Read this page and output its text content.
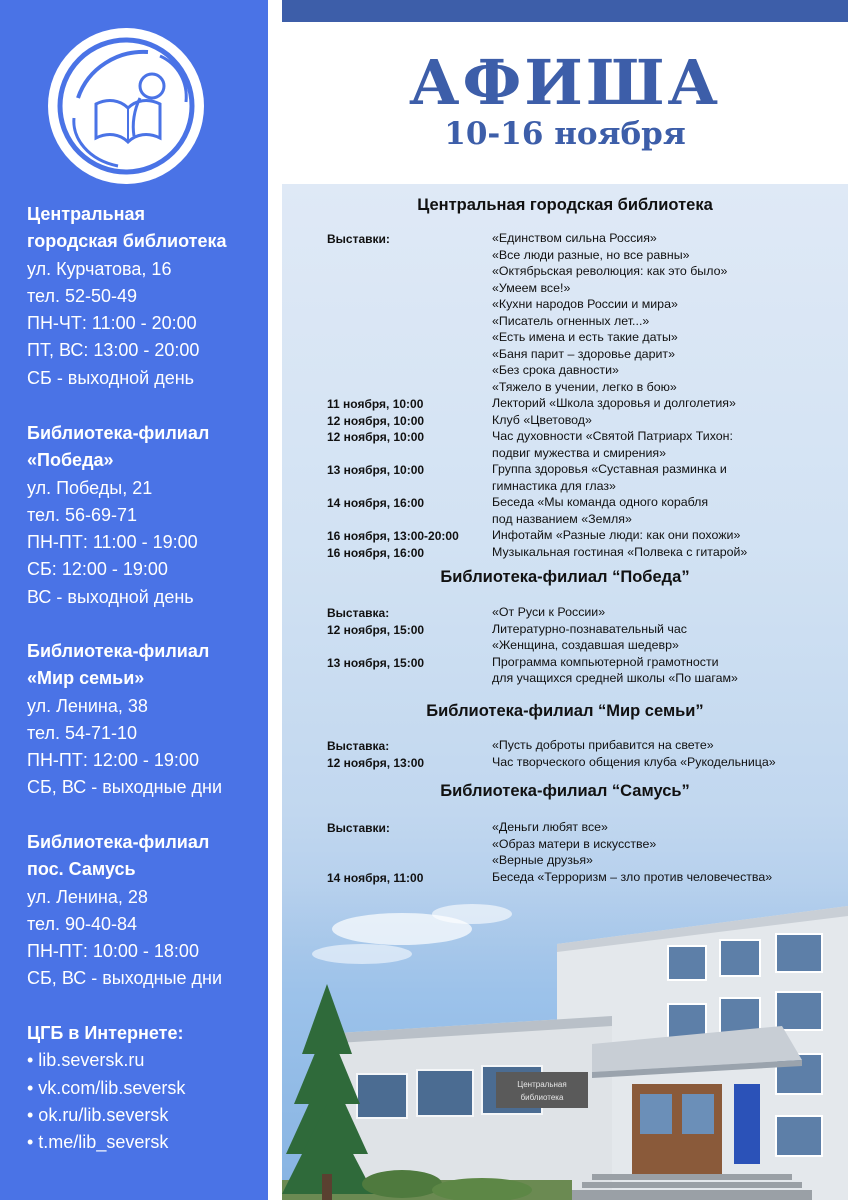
Центральная
городская библиотека
ул. Курчатова, 16
тел. 52-50-49
ПН-ЧТ: 11:00 - 20:00
ПТ, ВС: 13:00 - 20:00
СБ - выходной день
Библиотека-филиал
«Победа»
ул. Победы, 21
тел. 56-69-71
ПН-ПТ: 11:00 - 19:00
СБ: 12:00 - 19:00
ВС - выходной день
Библиотека-филиал
«Мир семьи»
ул. Ленина, 38
тел. 54-71-10
ПН-ПТ: 12:00 - 19:00
СБ, ВС - выходные дни
Библиотека-филиал
пос. Самусь
ул. Ленина, 28
тел. 90-40-84
ПН-ПТ: 10:00 - 18:00
СБ, ВС - выходные дни
ЦГБ в Интернете:
• lib.seversk.ru
• vk.com/lib.seversk
• ok.ru/lib.seversk
• t.me/lib_seversk
АФИША
10-16 ноября
Центральная
библиотека
Центральная городская библиотека
Выставки:	«Единством сильна Россия»
«Все люди разные, но все равны»
«Октябрьская революция: как это было»
«Умеем все!»
«Кухни народов России и мира»
«Писатель огненных лет...»
«Есть имена и есть такие даты»
«Баня парит – здоровье дарит»
«Без срока давности»
«Тяжело в учении, легко в бою»
11 ноября, 10:00	Лекторий «Школа здоровья и долголетия»
12 ноября, 10:00	Клуб «Цветовод»
12 ноября, 10:00	Час духовности «Святой Патриарх Тихон:
подвиг мужества и смирения»
13 ноября, 10:00	Группа здоровья «Суставная разминка и
гимнастика для глаз»
14 ноября, 16:00	Беседа «Мы команда одного корабля
под названием «Земля»
16 ноября, 13:00-20:00	Инфотайм «Разные люди: как они похожи»
16 ноября, 16:00	Музыкальная гостиная «Полвека с гитарой»
Библиотека-филиал “Победа”
Выставка:	«От Руси к России»
12 ноября, 15:00	Литературно-познавательный час
«Женщина, создавшая шедевр»
13 ноября, 15:00	Программа компьютерной грамотности
для учащихся средней школы «По шагам»
Библиотека-филиал “Мир семьи”
Выставка:	«Пусть доброты прибавится на свете»
12 ноября, 13:00	Час творческого общения клуба «Рукодельница»
Библиотека-филиал “Самусь”
Выставки:	«Деньги любят все»
«Образ матери в искусстве»
«Верные друзья»
14 ноября, 11:00	Беседа «Терроризм – зло против человечества»
